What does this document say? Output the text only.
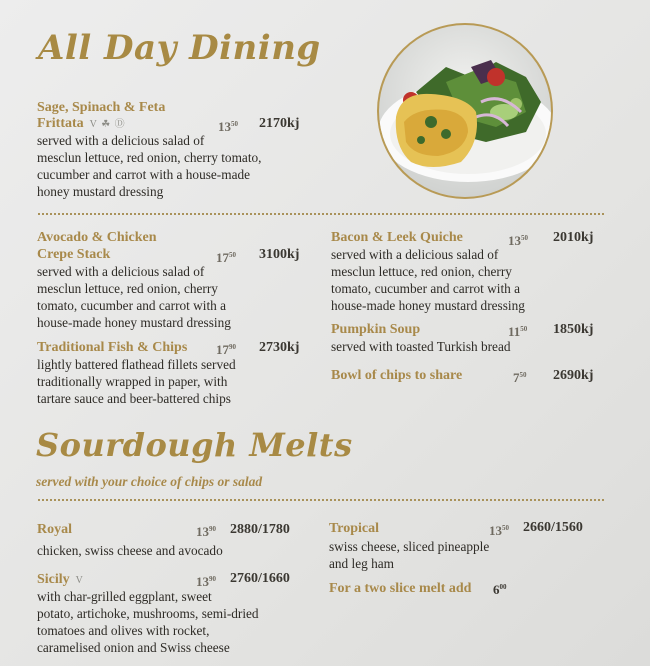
All Day Dining
Sage, Spinach & Feta
Frittata V ☘ Ⓓ	$13^{50}$ 2170kj
served with a delicious salad of
mesclun lettuce, red onion, cherry tomato,
cucumber and carrot with a house-made
honey mustard dressing
Avocado & Chicken
Crepe Stack	$17^{50}$ 3100kj
served with a delicious salad of
mesclun lettuce, red onion, cherry
tomato, cucumber and carrot with a
house-made honey mustard dressing
Traditional Fish & Chips $17^{90}$ 2730kj
lightly battered flathead fillets served
traditionally wrapped in paper, with
tartare sauce and beer-battered chips
Bacon & Leek Quiche	$13^{50}$ 2010kj
served with a delicious salad of
mesclun lettuce, red onion, cherry
tomato, cucumber and carrot with a
house-made honey mustard dressing
Pumpkin Soup	$11^{50}$ 1850kj
served with toasted Turkish bread
Bowl of chips to share	$7^{50}$ 2690kj
Sourdough Melts
served with your choice of chips or salad
Royal	$13^{90}$ 2880/1780
chicken, swiss cheese and avocado
Sicily V	$13^{90}$ 2760/1660
with char-grilled eggplant, sweet
potato, artichoke, mushrooms, semi-dried
tomatoes and olives with rocket,
caramelised onion and Swiss cheese
Tropical	$13^{50}$ 2660/1560
swiss cheese, sliced pineapple
and leg ham
For a two slice melt add $6^{00}$
